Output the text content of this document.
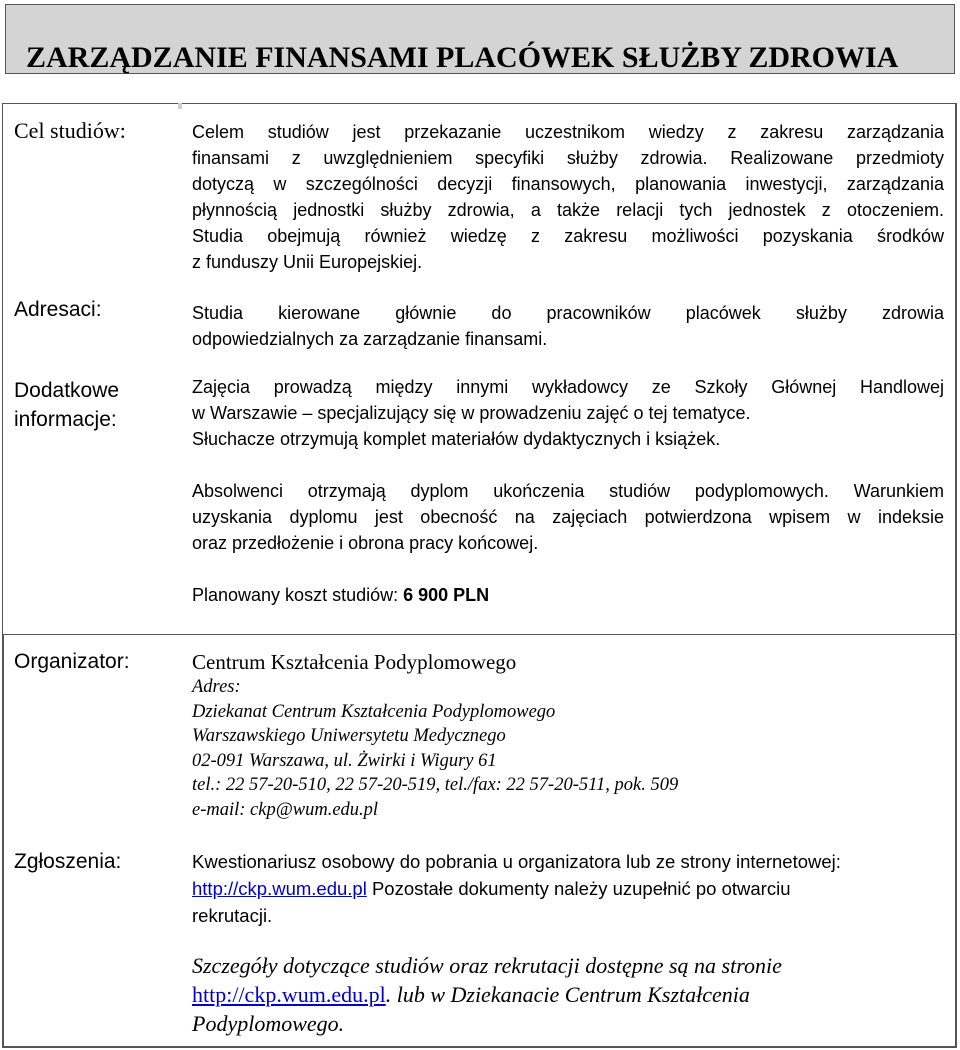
ZARZĄDZANIE FINANSAMI PLACÓWEK SŁUŻBY ZDROWIA
Cel studiów:	Celem studiów jest przekazanie uczestnikom wiedzy z zakresu zarządzania
finansami z uwzględnieniem specyfiki służby zdrowia. Realizowane przedmioty
dotyczą w szczególności decyzji finansowych, planowania inwestycji, zarządzania
płynnością jednostki służby zdrowia, a także relacji tych jednostek z otoczeniem.
Studia obejmują również wiedzę z zakresu możliwości pozyskania środków
z funduszy Unii Europejskiej.
Adresaci:	Studia kierowane głównie do pracowników placówek służby zdrowia
odpowiedzialnych za zarządzanie finansami.
Dodatkowe
informacje:
Zajęcia prowadzą między innymi wykładowcy ze Szkoły Głównej Handlowej
w Warszawie – specjalizujący się w prowadzeniu zajęć o tej tematyce.
Słuchacze otrzymują komplet materiałów dydaktycznych i książek.
Absolwenci otrzymają dyplom ukończenia studiów podyplomowych. Warunkiem
uzyskania dyplomu jest obecność na zajęciach potwierdzona wpisem w indeksie
oraz przedłożenie i obrona pracy końcowej.
Planowany koszt studiów: 6 900 PLN
Organizator:	Centrum Kształcenia Podyplomowego
Adres:
Dziekanat Centrum Kształcenia Podyplomowego
Warszawskiego Uniwersytetu Medycznego
02-091 Warszawa, ul. Żwirki i Wigury 61
tel.: 22 57-20-510, 22 57-20-519, tel./fax: 22 57-20-511, pok. 509
e-mail: ckp@wum.edu.pl
Zgłoszenia:	Kwestionariusz osobowy do pobrania u organizatora lub ze strony internetowej:
http://ckp.wum.edu.pl Pozostałe dokumenty należy uzupełnić po otwarciu
rekrutacji.
Szczegóły dotyczące studiów oraz rekrutacji dostępne są na stronie
http://ckp.wum.edu.pl. lub w Dziekanacie Centrum Kształcenia
Podyplomowego.
